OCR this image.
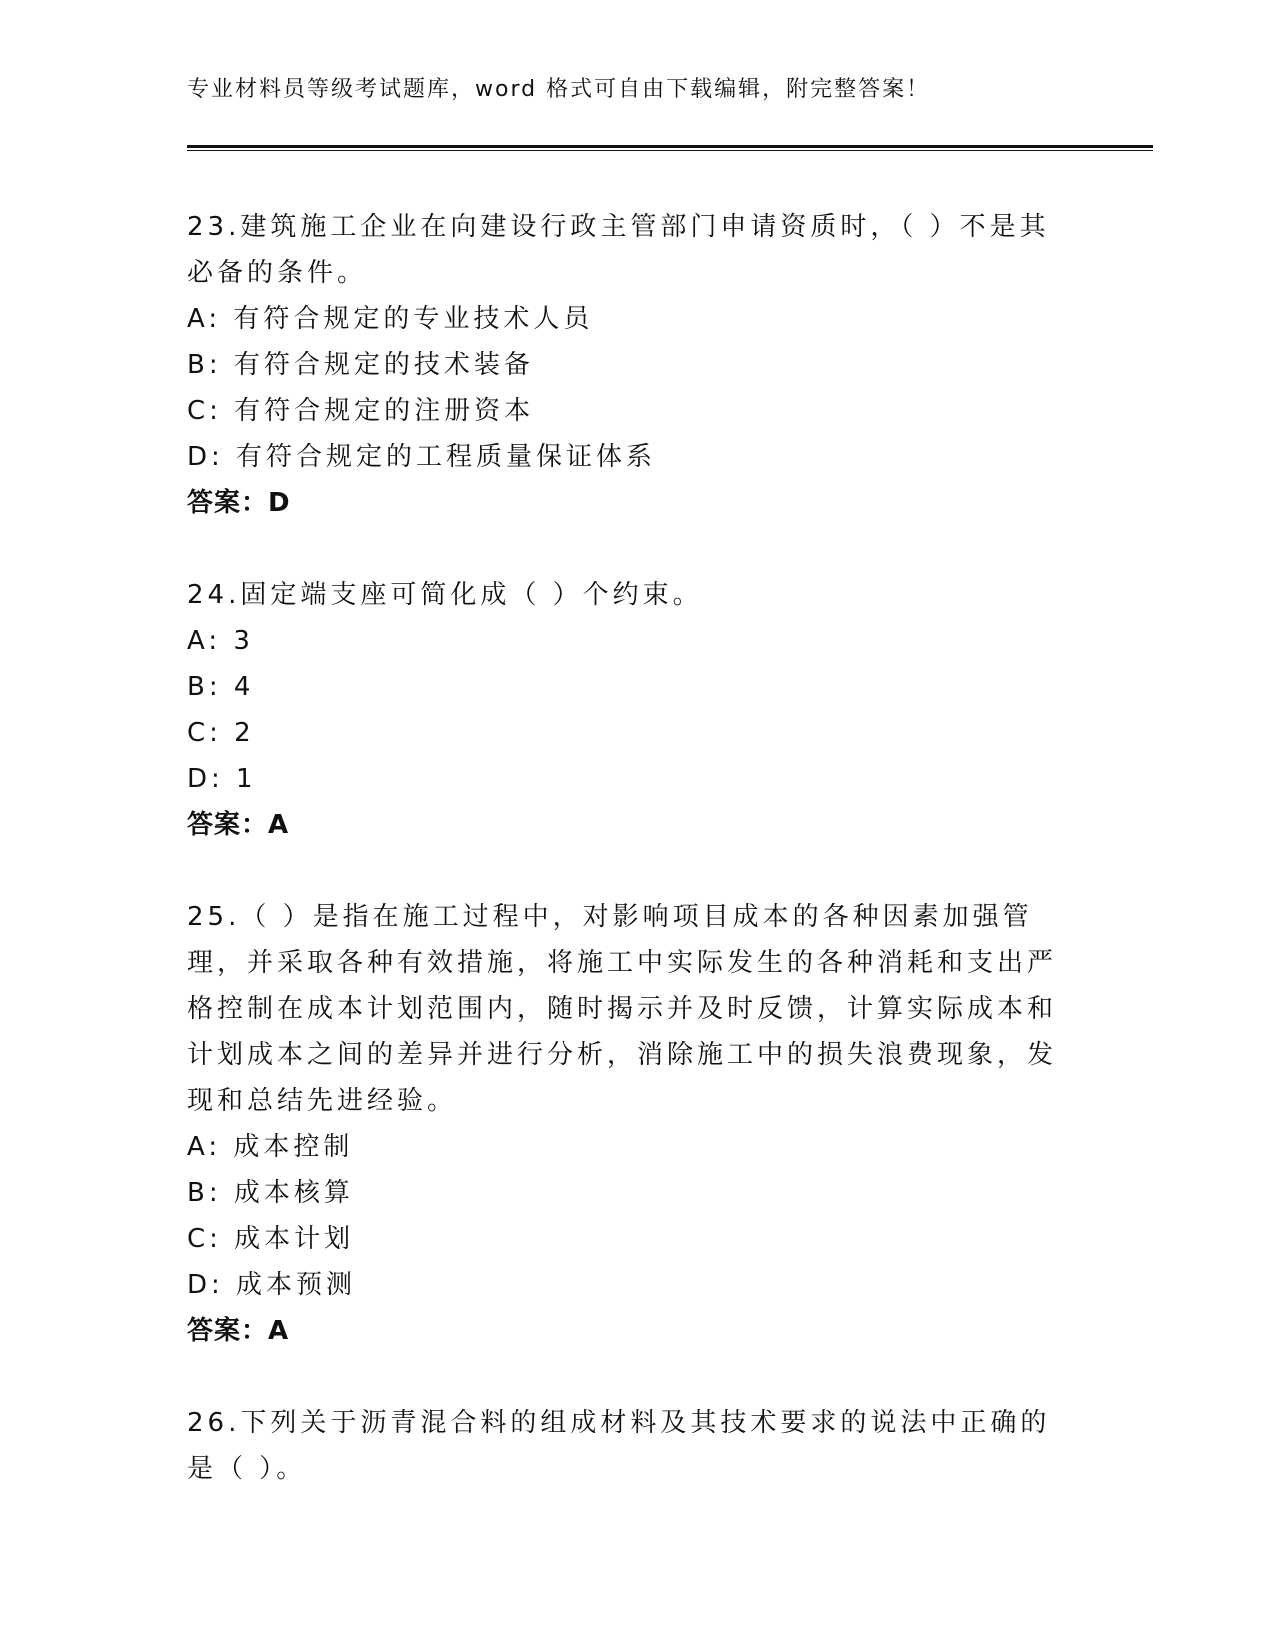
专业材料员等级考试题库，word 格式可自由下载编辑，附完整答案！
23.建筑施工企业在向建设行政主管部门申请资质时，（ ）不是其必备的条件。
A: 有符合规定的专业技术人员
B: 有符合规定的技术装备
C: 有符合规定的注册资本
D: 有符合规定的工程质量保证体系
答案：D
24.固定端支座可简化成（ ）个约束。
A: 3
B: 4
C: 2
D: 1
答案：A
25.（ ）是指在施工过程中，对影响项目成本的各种因素加强管理，并采取各种有效措施，将施工中实际发生的各种消耗和支出严格控制在成本计划范围内，随时揭示并及时反馈，计算实际成本和计划成本之间的差异并进行分析，消除施工中的损失浪费现象，发现和总结先进经验。
A: 成本控制
B: 成本核算
C: 成本计划
D: 成本预测
答案：A
26.下列关于沥青混合料的组成材料及其技术要求的说法中正确的是（ ）。
